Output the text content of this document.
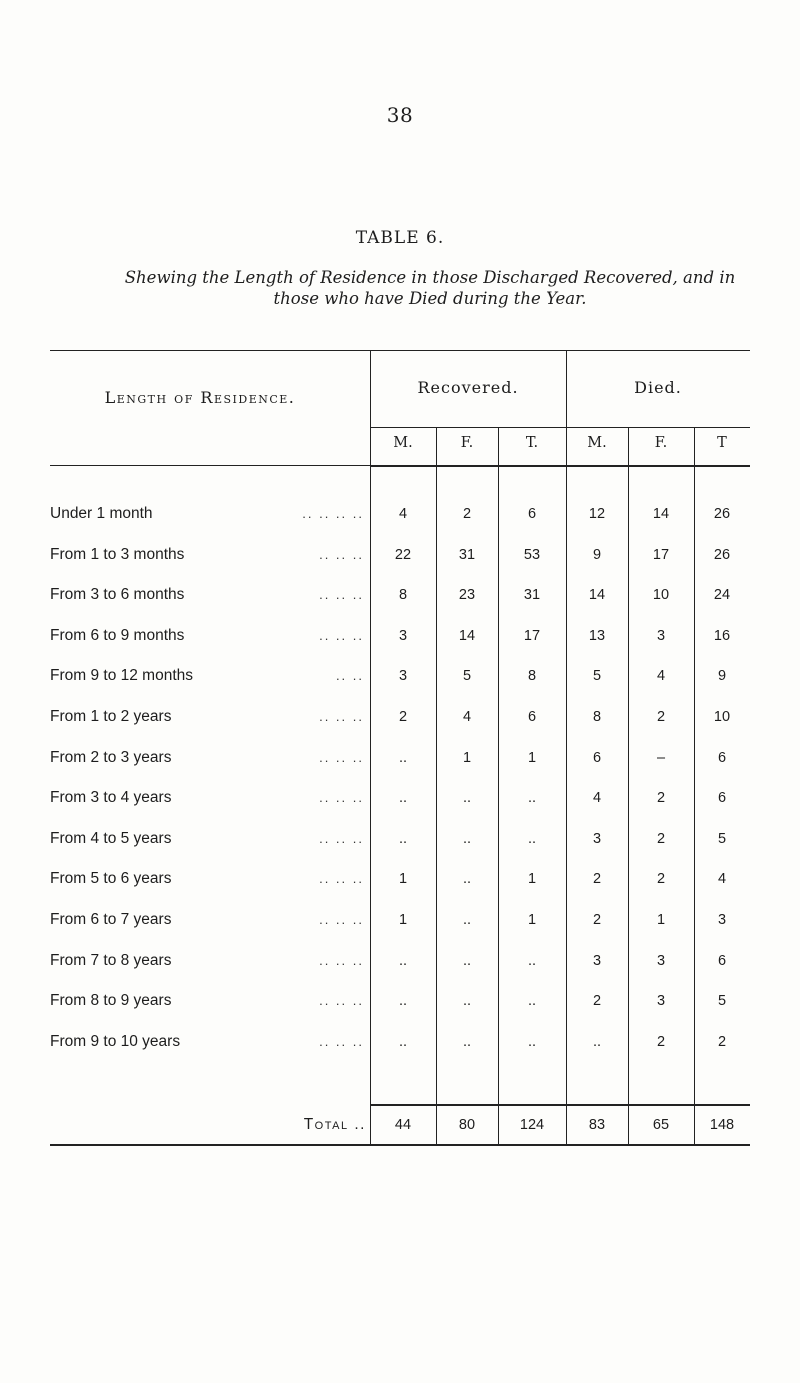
38
TABLE 6.
Shewing the Length of Residence in those Discharged Recovered, and in those who have Died during the Year.
Length of Residence.
Recovered.	Died.
M.	F.	T.	M.	F.	T
Under 1 month	.. .. .. ..	4	2	6	12	14	26
From 1 to 3 months	.. .. ..	22	31	53	9	17	26
From 3 to 6 months	.. .. ..	8	23	31	14	10	24
From 6 to 9 months	.. .. ..	3	14	17	13	3	16
From 9 to 12 months	.. ..	3	5	8	5	4	9
From 1 to 2 years	.. .. ..	2	4	6	8	2	10
From 2 to 3 years	.. .. ..	..	1	1	6	–	6
From 3 to 4 years	.. .. ..	..	..	..	4	2	6
From 4 to 5 years	.. .. ..	..	..	..	3	2	5
From 5 to 6 years	.. .. ..	1	..	1	2	2	4
From 6 to 7 years	.. .. ..	1	..	1	2	1	3
From 7 to 8 years	.. .. ..	..	..	..	3	3	6
From 8 to 9 years	.. .. ..	..	..	..	2	3	5
From 9 to 10 years	.. .. ..	..	..	..	..	2	2
Total ..	44	80	124	83	65	148
